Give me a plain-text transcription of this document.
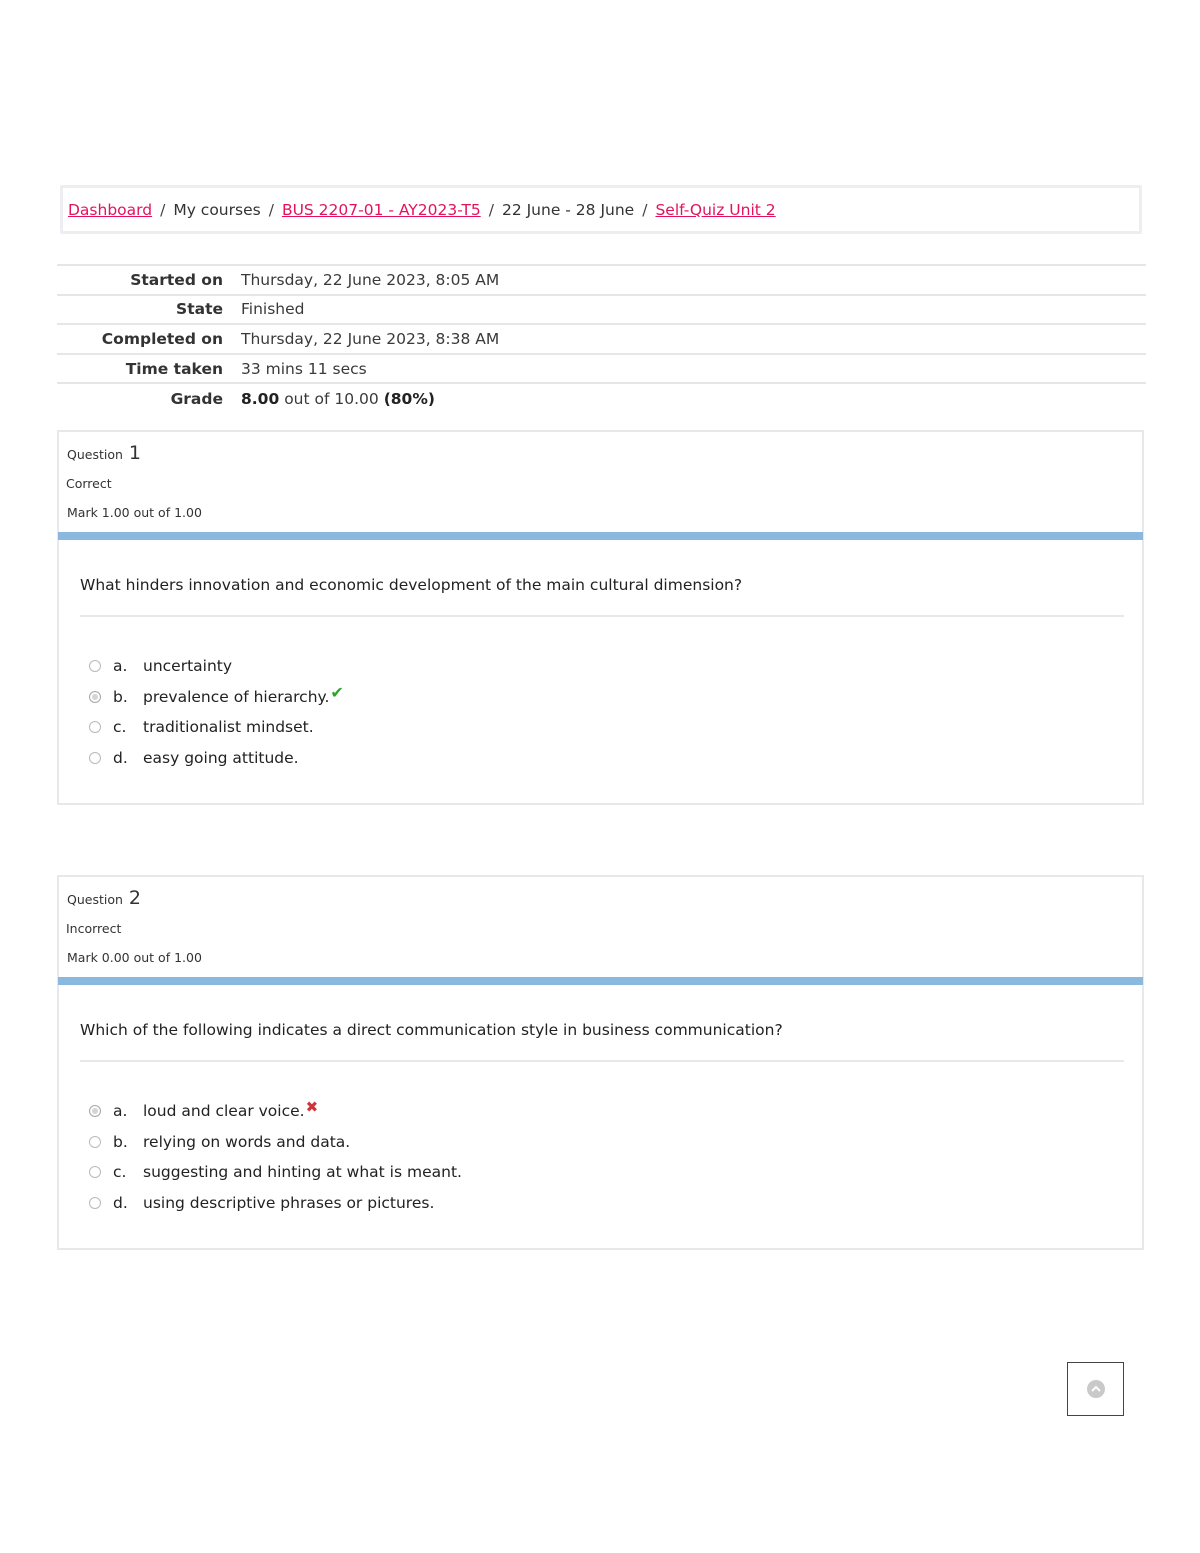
Dashboard / My courses / BUS 2207-01 - AY2023-T5 / 22 June - 28 June / Self-Quiz Unit 2
Started on	Thursday, 22 June 2023, 8:05 AM
State	Finished
Completed on	Thursday, 22 June 2023, 8:38 AM
Time taken	33 mins 11 secs
Grade	8.00 out of 10.00 (80%)
Question 1
Correct
Mark 1.00 out of 1.00
What hinders innovation and economic development of the main cultural dimension?
a.	uncertainty
b. prevalence of hierarchy. ✔
c.	traditionalist mindset.
d. easy going attitude.
Question 2
Incorrect
Mark 0.00 out of 1.00
Which of the following indicates a direct communication style in business communication?
a.	loud and clear voice. ✖
b. relying on words and data.
c.	suggesting and hinting at what is meant.
d. using descriptive phrases or pictures.
